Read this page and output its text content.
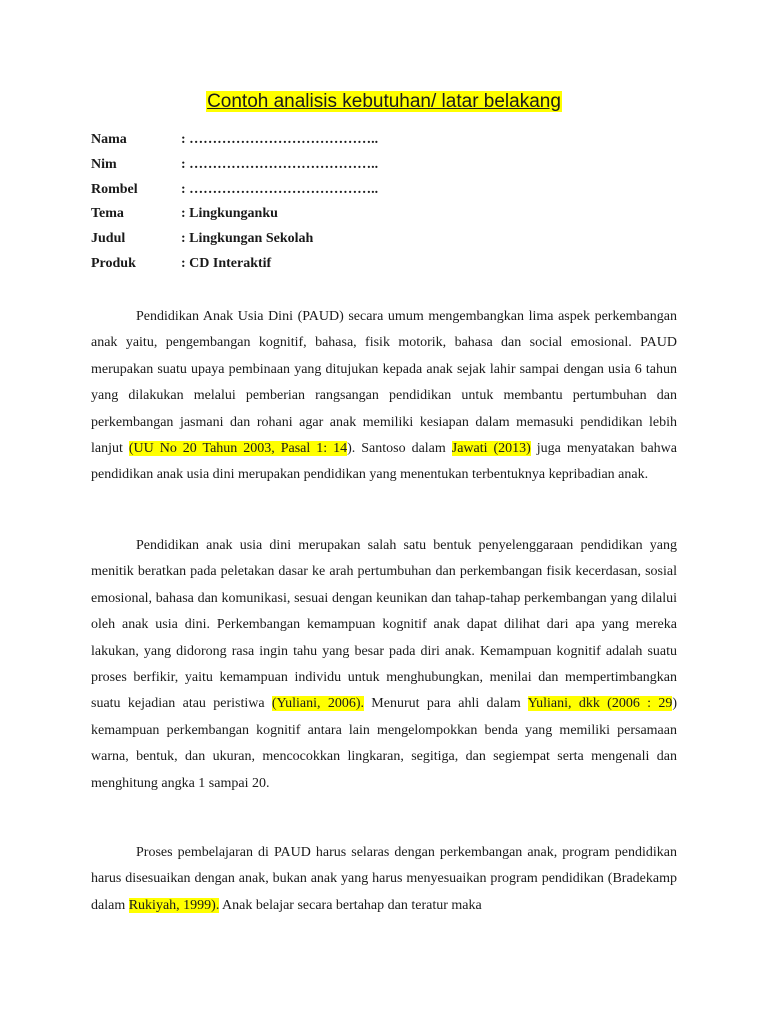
Contoh analisis kebutuhan/ latar belakang
Nama	: …………………………………..
Nim	: …………………………………..
Rombel	: …………………………………..
Tema	: Lingkunganku
Judul	: Lingkungan Sekolah
Produk	: CD Interaktif

Pendidikan Anak Usia Dini (PAUD) secara umum mengembangkan lima aspek perkembangan anak yaitu, pengembangan kognitif, bahasa, fisik motorik, bahasa dan social emosional. PAUD merupakan suatu upaya pembinaan yang ditujukan kepada anak sejak lahir sampai dengan usia 6 tahun yang dilakukan melalui pemberian rangsangan pendidikan untuk membantu pertumbuhan dan perkembangan jasmani dan rohani agar anak memiliki kesiapan dalam memasuki pendidikan lebih lanjut (UU No 20 Tahun 2003, Pasal 1: 14). Santoso dalam Jawati (2013) juga menyatakan bahwa pendidikan anak usia dini merupakan pendidikan yang menentukan terbentuknya kepribadian anak.

Pendidikan anak usia dini merupakan salah satu bentuk penyelenggaraan pendidikan yang menitik beratkan pada peletakan dasar ke arah pertumbuhan dan perkembangan fisik kecerdasan, sosial emosional, bahasa dan komunikasi, sesuai dengan keunikan dan tahap-tahap perkembangan yang dilalui oleh anak usia dini. Perkembangan kemampuan kognitif anak dapat dilihat dari apa yang mereka lakukan, yang didorong rasa ingin tahu yang besar pada diri anak. Kemampuan kognitif adalah suatu proses berfikir, yaitu kemampuan individu untuk menghubungkan, menilai dan mempertimbangkan suatu kejadian atau peristiwa (Yuliani, 2006). Menurut para ahli dalam Yuliani, dkk (2006 : 29) kemampuan perkembangan kognitif antara lain mengelompokkan benda yang memiliki persamaan warna, bentuk, dan ukuran, mencocokkan lingkaran, segitiga, dan segiempat serta mengenali dan menghitung angka 1 sampai 20.

Proses pembelajaran di PAUD harus selaras dengan perkembangan anak, program pendidikan harus disesuaikan dengan anak, bukan anak yang harus menyesuaikan program pendidikan (Bradekamp dalam Rukiyah, 1999). Anak belajar secara bertahap dan teratur maka
